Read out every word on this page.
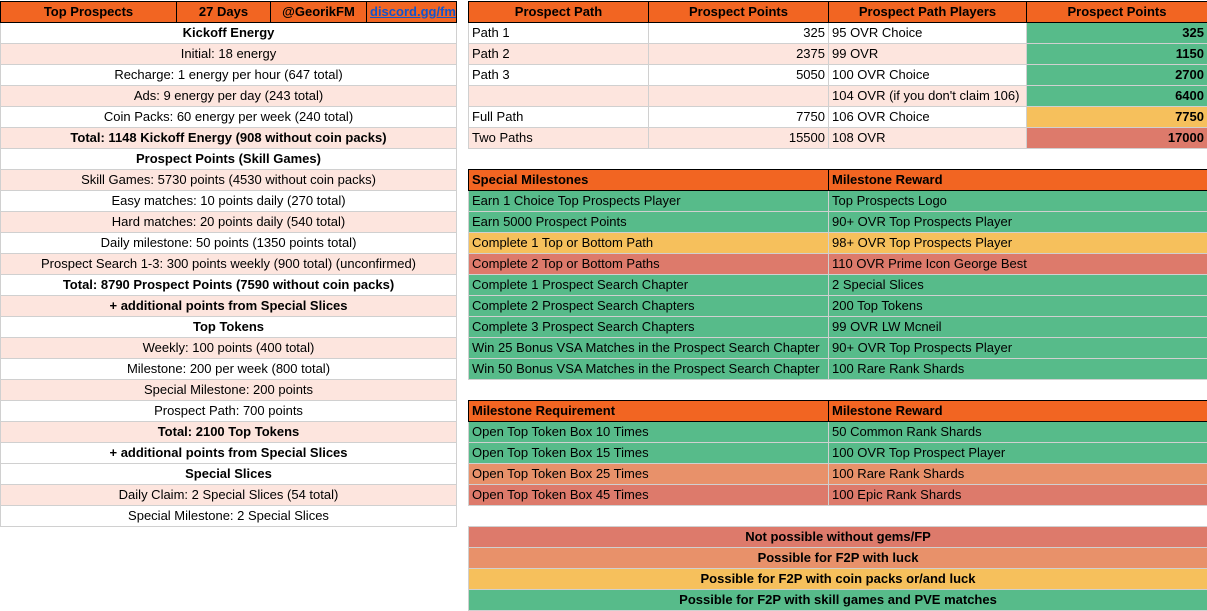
Top Prospects	27 Days	@GeorikFM	discord.gg/fm
Kickoff Energy
Initial: 18 energy
Recharge: 1 energy per hour (647 total)
Ads: 9 energy per day (243 total)
Coin Packs: 60 energy per week (240 total)
Total: 1148 Kickoff Energy (908 without coin packs)
Prospect Points (Skill Games)
Skill Games: 5730 points (4530 without coin packs)
Easy matches: 10 points daily (270 total)
Hard matches: 20 points daily (540 total)
Daily milestone: 50 points (1350 points total)
Prospect Search 1-3: 300 points weekly (900 total) (unconfirmed)
Total: 8790 Prospect Points (7590 without coin packs)
+ additional points from Special Slices
Top Tokens
Weekly: 100 points (400 total)
Milestone: 200 per week (800 total)
Special Milestone: 200 points
Prospect Path: 700 points
Total: 2100 Top Tokens
+ additional points from Special Slices
Special Slices
Daily Claim: 2 Special Slices (54 total)
Special Milestone: 2 Special Slices
Prospect Path	Prospect Points	Prospect Path Players	Prospect Points
Path 1	325	95 OVR Choice	325
Path 2	2375	99 OVR	1150
Path 3	5050	100 OVR Choice	2700
		104 OVR (if you don't claim 106)	6400
Full Path	7750	106 OVR Choice	7750
Two Paths	15500	108 OVR	17000
Special Milestones	Milestone Reward
Earn 1 Choice Top Prospects Player	Top Prospects Logo
Earn 5000 Prospect Points	90+ OVR Top Prospects Player
Complete 1 Top or Bottom Path	98+ OVR Top Prospects Player
Complete 2 Top or Bottom Paths	110 OVR Prime Icon George Best
Complete 1 Prospect Search Chapter	2 Special Slices
Complete 2 Prospect Search Chapters	200 Top Tokens
Complete 3 Prospect Search Chapters	99 OVR LW Mcneil
Win 25 Bonus VSA Matches in the Prospect Search Chapter	90+ OVR Top Prospects Player
Win 50 Bonus VSA Matches in the Prospect Search Chapter	100 Rare Rank Shards
Milestone Requirement	Milestone Reward
Open Top Token Box 10 Times	50 Common Rank Shards
Open Top Token Box 15 Times	100 OVR Top Prospect Player
Open Top Token Box 25 Times	100 Rare Rank Shards
Open Top Token Box 45 Times	100 Epic Rank Shards
Not possible without gems/FP
Possible for F2P with luck
Possible for F2P with coin packs or/and luck
Possible for F2P with skill games and PVE matches
